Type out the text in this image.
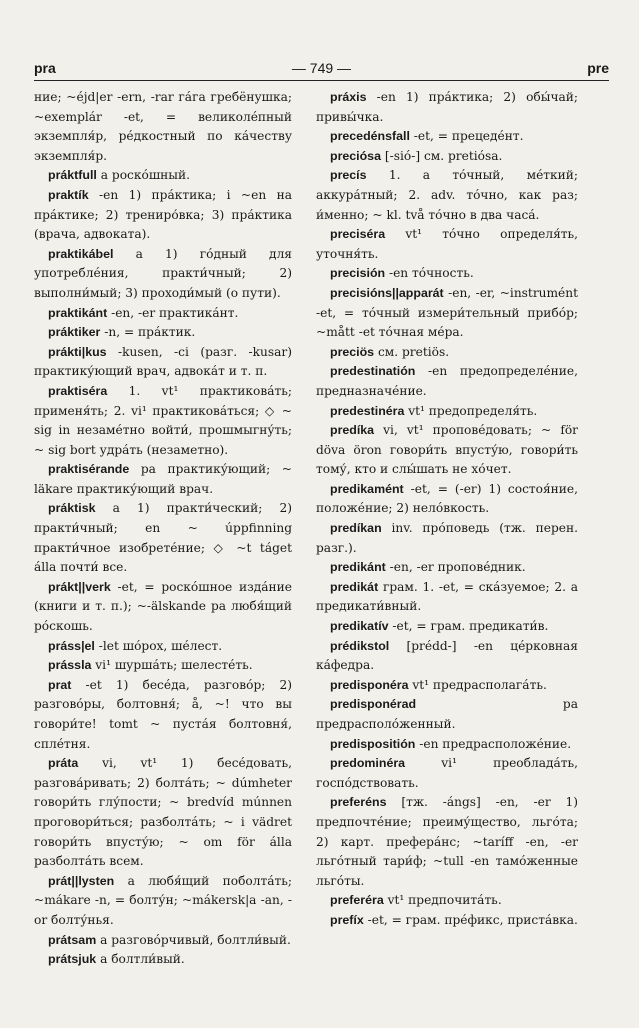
pra	— 749 —	pre
ние; ~éjd|er -ern, -rar гáга гребёнушка; ~exemplár -et, = великолéпный экземпля́р, рéдкостный по кáчеству экземпля́р.
práktfull a роскóшный.
praktík -en 1) прáктика; i ~en на прáктике; 2) трениро́вка; 3) прáктика (врача, адвоката).
praktikábel a 1) гóдный для употреблéния, практи́чный; 2) выполни́мый; 3) проходи́мый (о пути).
praktikánt -en, -er практикáнт.
práktiker -n, = прáктик.
prákti|kus -kusen, -ci (разг. -kusar) практику́ющий врач, адвокáт и т. п.
praktiséra 1. vt¹ практиковáть; применя́ть; 2. vi¹ практиковáться; ◇ ~ sig in незамéтно войти́, прошмыгну́ть; ~ sig bort удрáть (незаметно).
praktisérande pa практику́ющий; ~ läkare практику́ющий врач.
práktisk a 1) практи́ческий; 2) практи́чный; en ~ úppfinning практи́чное изобретéние; ◇ ~t táget álla почти́ все.
prákt||verk -et, = роскóшное издáние (книги и т. п.); ~-älskande pa любя́щий рóскошь.
práss|el -let шóрох, шéлест.
prássla vi¹ шуршáть; шелестéть.
prat -et 1) бесéда, разговóр; 2) разговóры, болтовня́; å, ~! что вы говори́те! tomt ~ пустáя болтовня́, сплéтня.
práta vi, vt¹ 1) бесéдовать, разгова́ривать; 2) болтáть; ~ dúmheter говори́ть глу́пости; ~ bredvíd múnnen проговори́ться; разболтáть; ~ i vädret говори́ть впусту́ю; ~ om för álla разболтáть всем.
prát||lysten a любя́щий поболтáть; ~mákare -n, = болту́н; ~mákersk|a -an, -or болту́нья.
prátsam a разговóрчивый, болтли́вый.
prátsjuk a болтли́вый.
práxis -en 1) прáктика; 2) обы́чай; привы́чка.
precedénsfall -et, = прецедéнт.
preciósa [-sió-] см. pretiósa.
precís 1. a тóчный, мéткий; аккурáтный; 2. adv. тóчно, как раз; и́менно; ~ kl. två тóчно в два часá.
preciséra vt¹ тóчно определя́ть, уточня́ть.
precisión -en тóчность.
precisións||apparát -en, -er, ~instrumént -et, = тóчный измери́тельный прибóр; ~mått -et тóчная мéра.
preciös см. pretiös.
predestinatión -en предопределéние, предназначéние.
predestinéra vt¹ предопределя́ть.
predíka vi, vt¹ проповéдовать; ~ för döva öron говори́ть впусту́ю, говори́ть тому́, кто и слы́шать не хóчет.
predikamént -et, = (-er) 1) состоя́ние, положéние; 2) нелóвкость.
predíkan inv. прóповедь (тж. перен. разг.).
predikánt -en, -er проповéдник.
predikát грам. 1. -et, = скáзуемое; 2. a предикати́вный.
predikatív -et, = грам. предикати́в.
prédikstol [prédd-] -en цéрковная кáфедра.
predisponéra vt¹ предрасполагáть.
predisponérad	pa предрасполóженный.
predispositión -en предрасположéние.
predominéra	vi¹ преобладáть, госпóдствовать.
preferéns [тж. -ángs] -en, -er 1) предпочтéние; преиму́щество, льгóта; 2) карт. преферáнс; ~taríff -en, -er льгóтный тари́ф; ~tull -en тамóженные льгóты.
preferéra vt¹ предпочитáть.
prefíx -et, = грам. прéфикс, пристáвка.
